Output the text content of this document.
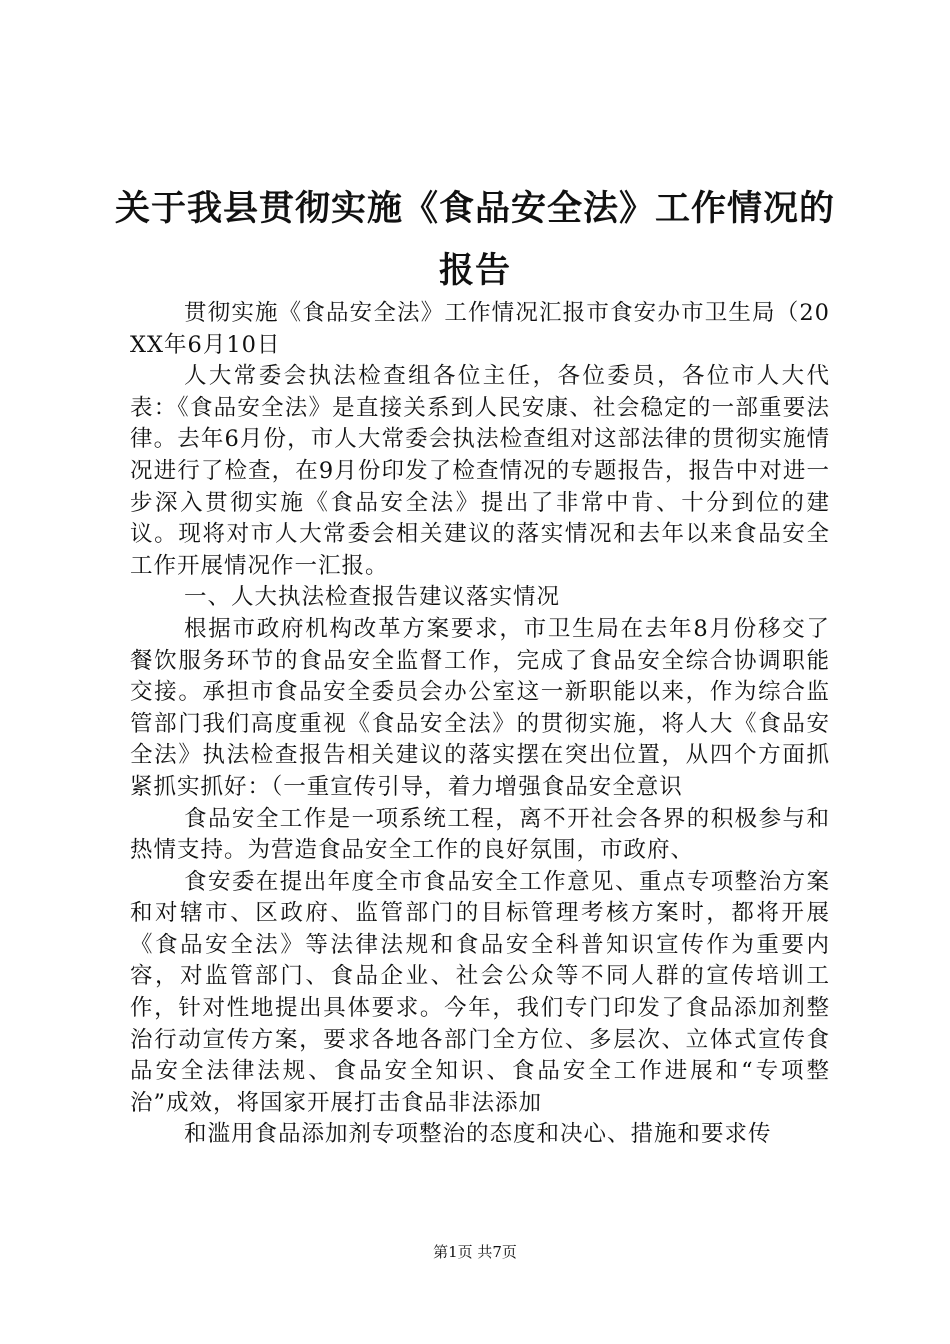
关于我县贯彻实施《食品安全法》工作情况的报告

贯彻实施《食品安全法》工作情况汇报市食安办市卫生局（20XX年6月10日

人大常委会执法检查组各位主任，各位委员，各位市人大代表：《食品安全法》是直接关系到人民安康、社会稳定的一部重要法律。去年6月份，市人大常委会执法检查组对这部法律的贯彻实施情况进行了检查，在9月份印发了检查情况的专题报告，报告中对进一步深入贯彻实施《食品安全法》提出了非常中肯、十分到位的建议。现将对市人大常委会相关建议的落实情况和去年以来食品安全工作开展情况作一汇报。

一、人大执法检查报告建议落实情况

根据市政府机构改革方案要求，市卫生局在去年8月份移交了餐饮服务环节的食品安全监督工作，完成了食品安全综合协调职能交接。承担市食品安全委员会办公室这一新职能以来，作为综合监管部门我们高度重视《食品安全法》的贯彻实施，将人大《食品安全法》执法检查报告相关建议的落实摆在突出位置，从四个方面抓紧抓实抓好：（一重宣传引导，着力增强食品安全意识

食品安全工作是一项系统工程，离不开社会各界的积极参与和热情支持。为营造食品安全工作的良好氛围，市政府、

食安委在提出年度全市食品安全工作意见、重点专项整治方案和对辖市、区政府、监管部门的目标管理考核方案时，都将开展《食品安全法》等法律法规和食品安全科普知识宣传作为重要内容，对监管部门、食品企业、社会公众等不同人群的宣传培训工作，针对性地提出具体要求。今年，我们专门印发了食品添加剂整治行动宣传方案，要求各地各部门全方位、多层次、立体式宣传食品安全法律法规、食品安全知识、食品安全工作进展和“专项整治”成效，将国家开展打击食品非法添加

和滥用食品添加剂专项整治的态度和决心、措施和要求传

第1页 共7页
